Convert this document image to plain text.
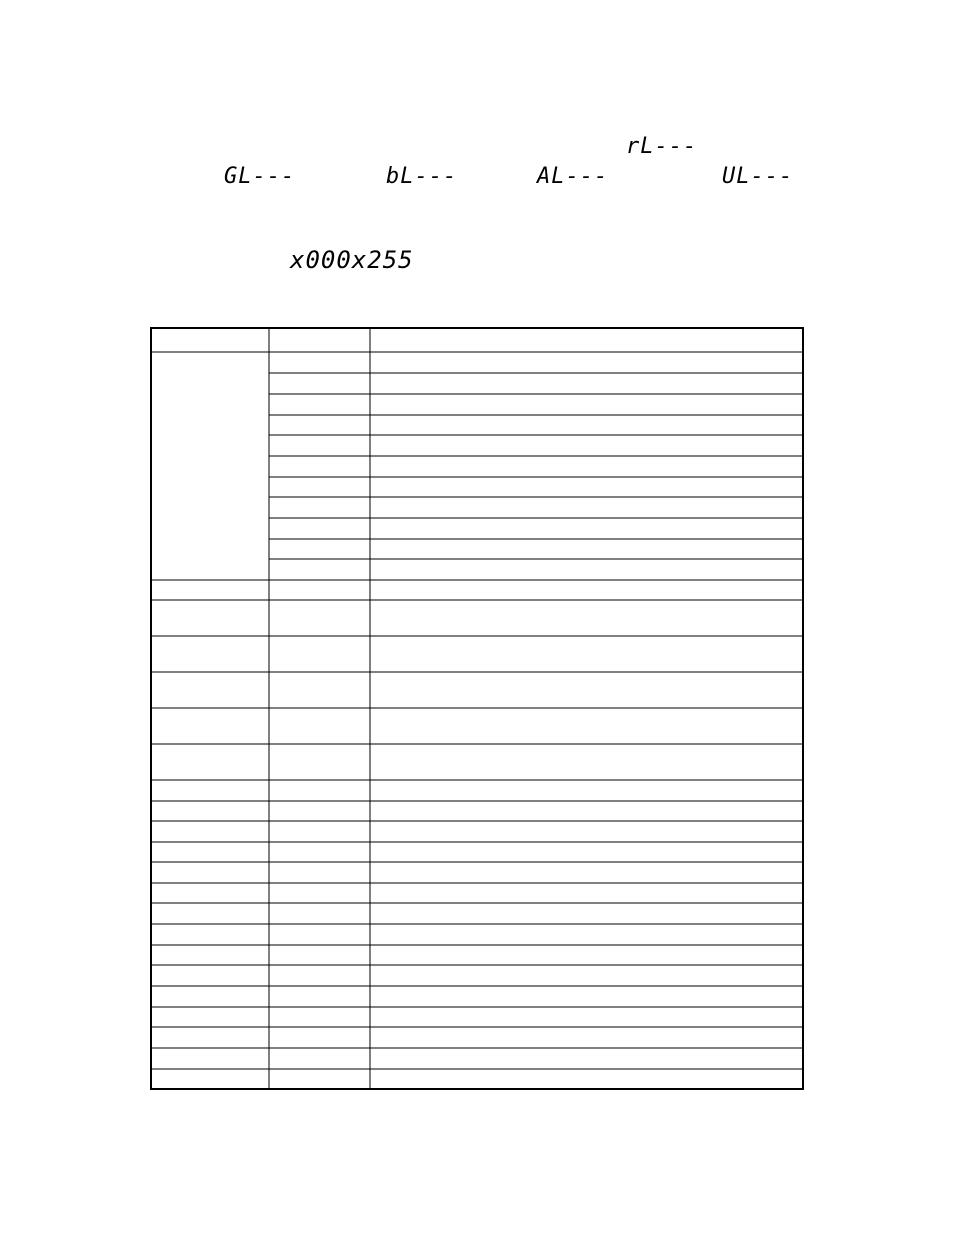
rL---
GL---	bL---	AL---	UL---
x000x255
